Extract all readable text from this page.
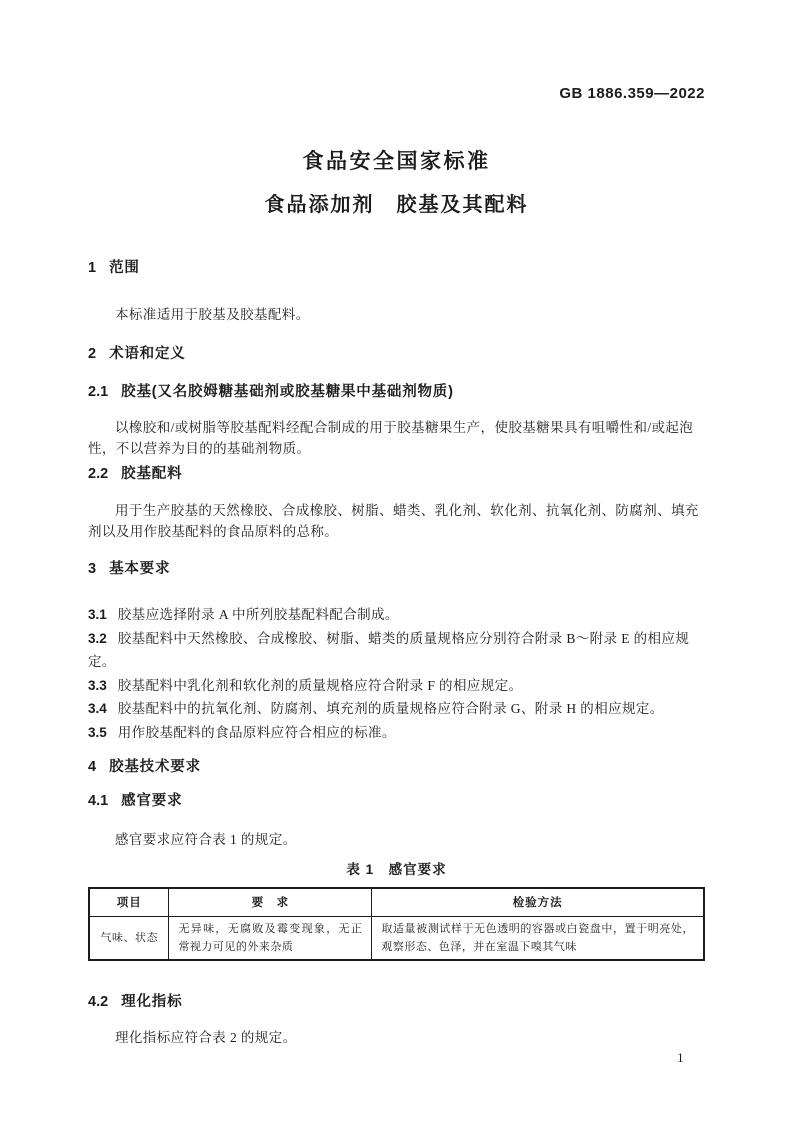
GB 1886.359—2022
食品安全国家标准
食品添加剂　胶基及其配料
1 范围

本标准适用于胶基及胶基配料。

2 术语和定义
2.1 胶基(又名胶姆糖基础剂或胶基糖果中基础剂物质)

以橡胶和/或树脂等胶基配料经配合制成的用于胶基糖果生产，使胶基糖果具有咀嚼性和/或起泡性，不以营养为目的的基础剂物质。

2.2 胶基配料

用于生产胶基的天然橡胶、合成橡胶、树脂、蜡类、乳化剂、软化剂、抗氧化剂、防腐剂、填充剂以及用作胶基配料的食品原料的总称。

3 基本要求
3.1 胶基应选择附录 A 中所列胶基配料配合制成。
3.2 胶基配料中天然橡胶、合成橡胶、树脂、蜡类的质量规格应分别符合附录 B～附录 E 的相应规定。
3.3 胶基配料中乳化剂和软化剂的质量规格应符合附录 F 的相应规定。
3.4 胶基配料中的抗氧化剂、防腐剂、填充剂的质量规格应符合附录 G、附录 H 的相应规定。
3.5 用作胶基配料的食品原料应符合相应的标准。
4 胶基技术要求
4.1 感官要求

感官要求应符合表 1 的规定。

表 1　感官要求
项目	要　求	检验方法
气味、状态	无异味，无腐败及霉变现象，无正常视力可见的外来杂质	取适量被测试样于无色透明的容器或白瓷盘中，置于明亮处，观察形态、色泽，并在室温下嗅其气味
4.2 理化指标

理化指标应符合表 2 的规定。

1
